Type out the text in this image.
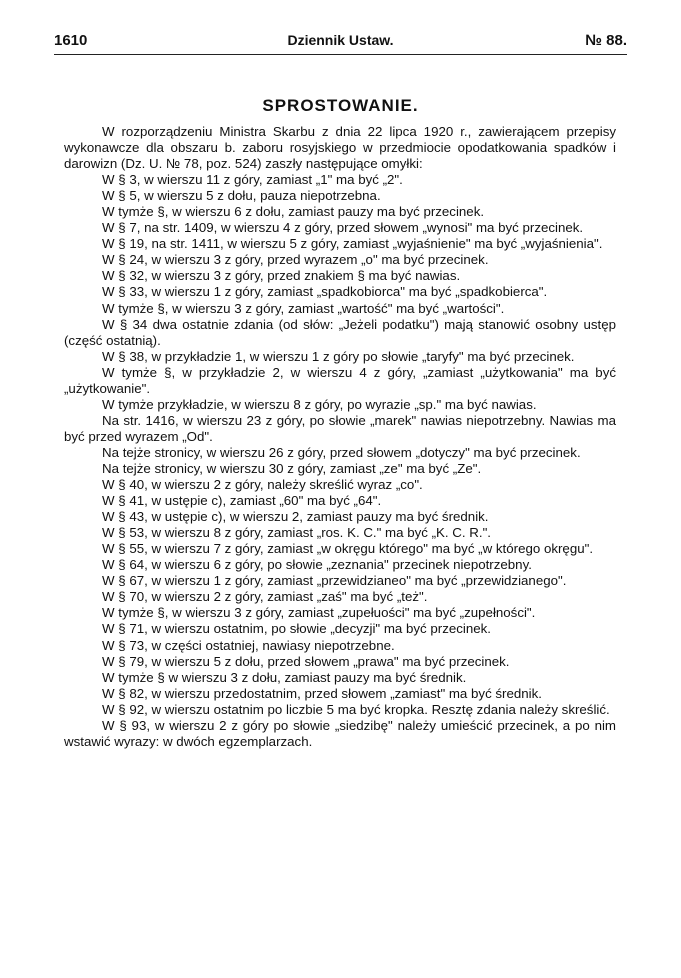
1610	Dziennik Ustaw.	№ 88.
SPROSTOWANIE.

W rozporządzeniu Ministra Skarbu z dnia 22 lipca 1920 r., zawierającem przepisy wykonawcze dla obszaru b. zaboru rosyjskiego w przedmiocie opodatkowania spadków i darowizn (Dz. U. № 78, poz. 524) zaszły następujące omyłki:

W § 3, w wierszu 11 z góry, zamiast „1" ma być „2".

W § 5, w wierszu 5 z dołu, pauza niepotrzebna.

W tymże §, w wierszu 6 z dołu, zamiast pauzy ma być przecinek.

W § 7, na str. 1409, w wierszu 4 z góry, przed słowem „wynosi" ma być przecinek.

W § 19, na str. 1411, w wierszu 5 z góry, zamiast „wyjaśnienie" ma być „wyjaśnienia".

W § 24, w wierszu 3 z góry, przed wyrazem „o" ma być przecinek.

W § 32, w wierszu 3 z góry, przed znakiem § ma być nawias.

W § 33, w wierszu 1 z góry, zamiast „spadkobiorca" ma być „spadkobierca".

W tymże §, w wierszu 3 z góry, zamiast „wartość" ma być „wartości".

W § 34 dwa ostatnie zdania (od słów: „Jeżeli podatku") mają stanowić osobny ustęp (część ostatnią).

W § 38, w przykładzie 1, w wierszu 1 z góry po słowie „taryfy" ma być przecinek.

W tymże §, w przykładzie 2, w wierszu 4 z góry, „zamiast „użytkowania" ma być „użytkowanie".

W tymże przykładzie, w wierszu 8 z góry, po wyrazie „sp." ma być nawias.

Na str. 1416, w wierszu 23 z góry, po słowie „marek" nawias niepotrzebny. Nawias ma być przed wyrazem „Od".

Na tejże stronicy, w wierszu 26 z góry, przed słowem „dotyczy" ma być przecinek.

Na tejże stronicy, w wierszu 30 z góry, zamiast „ze" ma być „Ze".

W § 40, w wierszu 2 z góry, należy skreślić wyraz „co".

W § 41, w ustępie c), zamiast „60" ma być „64".

W § 43, w ustępie c), w wierszu 2, zamiast pauzy ma być średnik.

W § 53, w wierszu 8 z góry, zamiast „ros. K. C." ma być „K. C. R.".

W § 55, w wierszu 7 z góry, zamiast „w okręgu którego" ma być „w którego okręgu".

W § 64, w wierszu 6 z góry, po słowie „zeznania" przecinek niepotrzebny.

W § 67, w wierszu 1 z góry, zamiast „przewidzianeo" ma być „przewidzianego".

W § 70, w wierszu 2 z góry, zamiast „zaś" ma być „też".

W tymże §, w wierszu 3 z góry, zamiast „zupełuości" ma być „zupełności".

W § 71, w wierszu ostatnim, po słowie „decyzji" ma być przecinek.

W § 73, w części ostatniej, nawiasy niepotrzebne.

W § 79, w wierszu 5 z dołu, przed słowem „prawa" ma być przecinek.

W tymże § w wierszu 3 z dołu, zamiast pauzy ma być średnik.

W § 82, w wierszu przedostatnim, przed słowem „zamiast" ma być średnik.

W § 92, w wierszu ostatnim po liczbie 5 ma być kropka. Resztę zdania należy skreślić.

W § 93, w wierszu 2 z góry po słowie „siedzibę" należy umieścić przecinek, a po nim wstawić wyrazy: w dwóch egzemplarzach.
